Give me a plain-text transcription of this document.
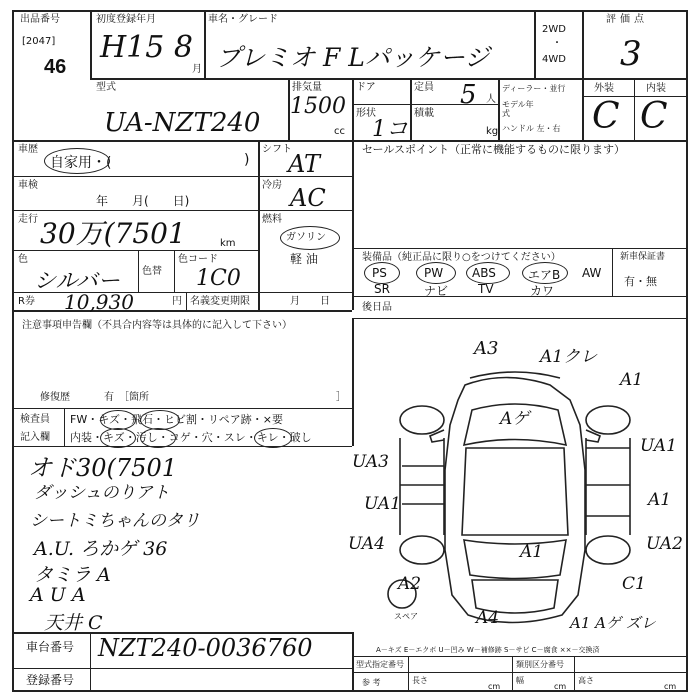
出品番号
[2047]
46
初度登録年月
H15 8
月
車名・グレード
プレミオ F Lパッケージ
2WD
・
4WD
評価点
3
型式
UA-NZT240
排気量
1500
cc
ドア
形状
1コ
定員 5 人
積載
kg
ディーラー・並行
モデル年式
ハンドル 左・右
外装	内装
C C
車歴
自家用・(	)
車検
年　　月(　　日)
走行 30万(7501	km
色
シルバー 色替
色コード
1C0
R券 10,930	円 名義変更期限	月　　日
シフト
AT
冷房 AC
燃料
ガソリン
軽 油
セールスポイント（正常に機能するものに限ります）
装備品（純正品に限り○をつけてください）	新車保証書
有・無
PS	PW ABS	エアB AW
SR	ナビ TV	カワ
後日品
注意事項申告欄（不具合内容等は具体的に記入して下さい）
修復歴	有　［箇所	］
検査員
記入欄
FW・キズ・飛石・ヒビ割・リペア跡・×要
内装・キズ・汚し・コゲ・穴・スレ・キレ・破し
オド30(7501
ダッシュのりアト
シートミちゃんのタリ
A.U. ろかゲ 36
タミラ A
A U A
天井 C
A3 A1クレ
A1
Aゲ
UA3
UA1
UA1
UA4
A1
UA2
A1
A2	C1
A4	A1 Aゲ ズレ
スペア
A－キズ E－エクボ U－凹み W－補修跡 S－サビ C－腐食 ××－交換済
車台番号 NZT240-0036760
登録番号
型式指定番号	類別区分番号
参 考	長さ
cm
幅
cm
高さ
cm
